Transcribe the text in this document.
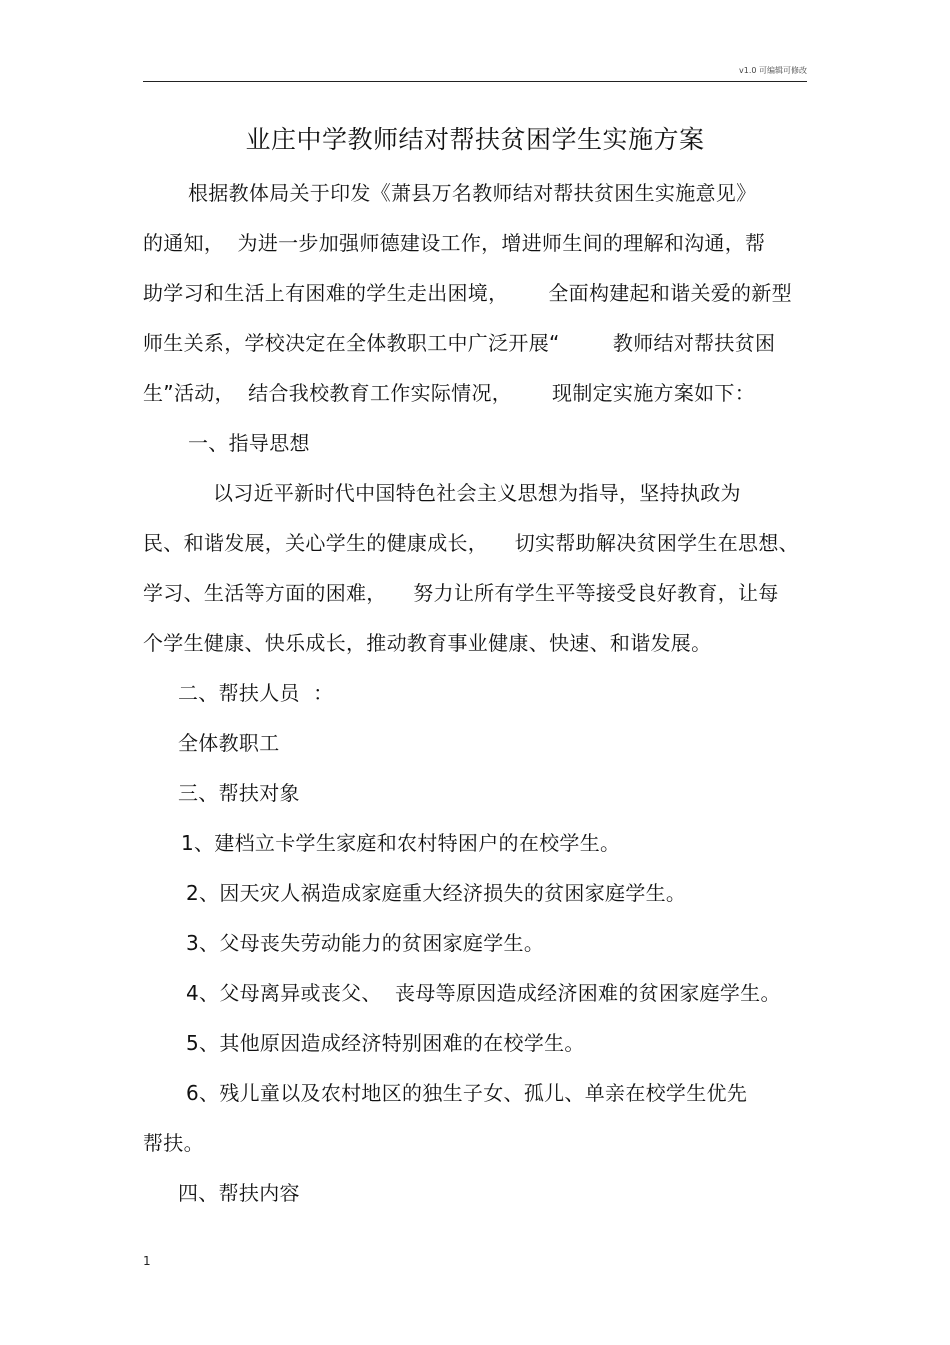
v1.0 可编辑可修改
业庄中学教师结对帮扶贫困学生实施方案
根据教体局关于印发《萧县万名教师结对帮扶贫困生实施意见》
的通知，  为进一步加强师德建设工作，增进师生间的理解和沟通，帮
助学习和生活上有困难的学生走出困境，      全面构建起和谐关爱的新型
师生关系，学校决定在全体教职工中广泛开展“        教师结对帮扶贫困
生”活动，  结合我校教育工作实际情况，      现制定实施方案如下：
一、指导思想
以习近平新时代中国特色社会主义思想为指导，坚持执政为
民、和谐发展，关心学生的健康成长，    切实帮助解决贫困学生在思想、
学习、生活等方面的困难，    努力让所有学生平等接受良好教育，让每
个学生健康、快乐成长，推动教育事业健康、快速、和谐发展。
二、帮扶人员  ：
全体教职工
三、帮扶对象
1、建档立卡学生家庭和农村特困户的在校学生。
2、因天灾人祸造成家庭重大经济损失的贫困家庭学生。
3、父母丧失劳动能力的贫困家庭学生。
4、父母离异或丧父、  丧母等原因造成经济困难的贫困家庭学生。
5、其他原因造成经济特别困难的在校学生。
6、残儿童以及农村地区的独生子女、孤儿、单亲在校学生优先
帮扶。
四、帮扶内容
1
